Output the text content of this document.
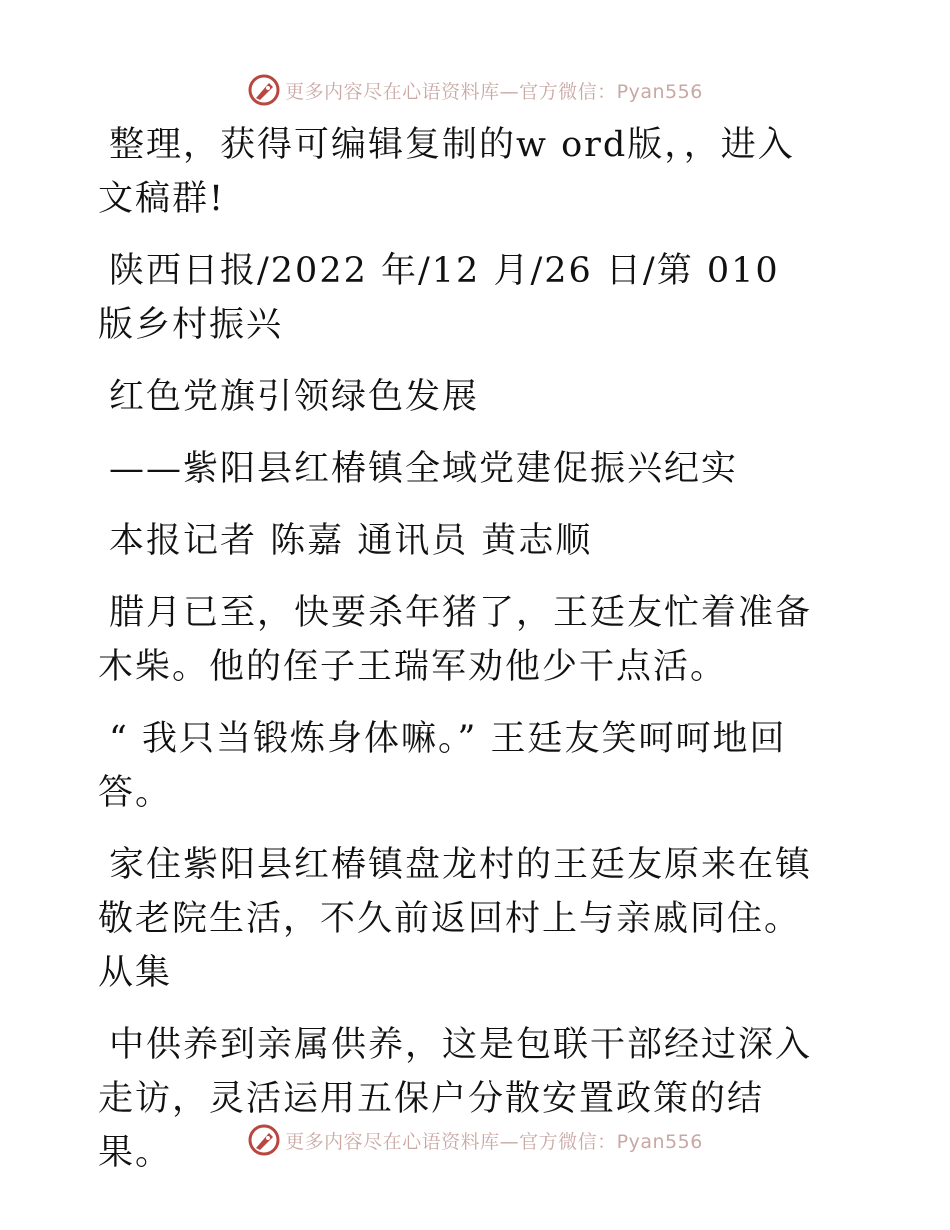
更多内容尽在心语资料库—官方微信：Pyan556

整理，获得可编辑复制的w ord版，，进入文稿群!

陕西日报/2022 年/12 月/26 日/第 010 版乡村振兴

红色党旗引领绿色发展

——紫阳县红椿镇全域党建促振兴纪实

本报记者 陈嘉 通讯员 黄志顺

腊月已至，快要杀年猪了，王廷友忙着准备木柴。他的侄子王瑞军劝他少干点活。

“ 我只当锻炼身体嘛。” 王廷友笑呵呵地回答。

家住紫阳县红椿镇盘龙村的王廷友原来在镇敬老院生活，不久前返回村上与亲戚同住。从集

中供养到亲属供养，这是包联干部经过深入走访，灵活运用五保户分散安置政策的结果。	更多内容尽在心语资料库—官方微信：Pyan556
